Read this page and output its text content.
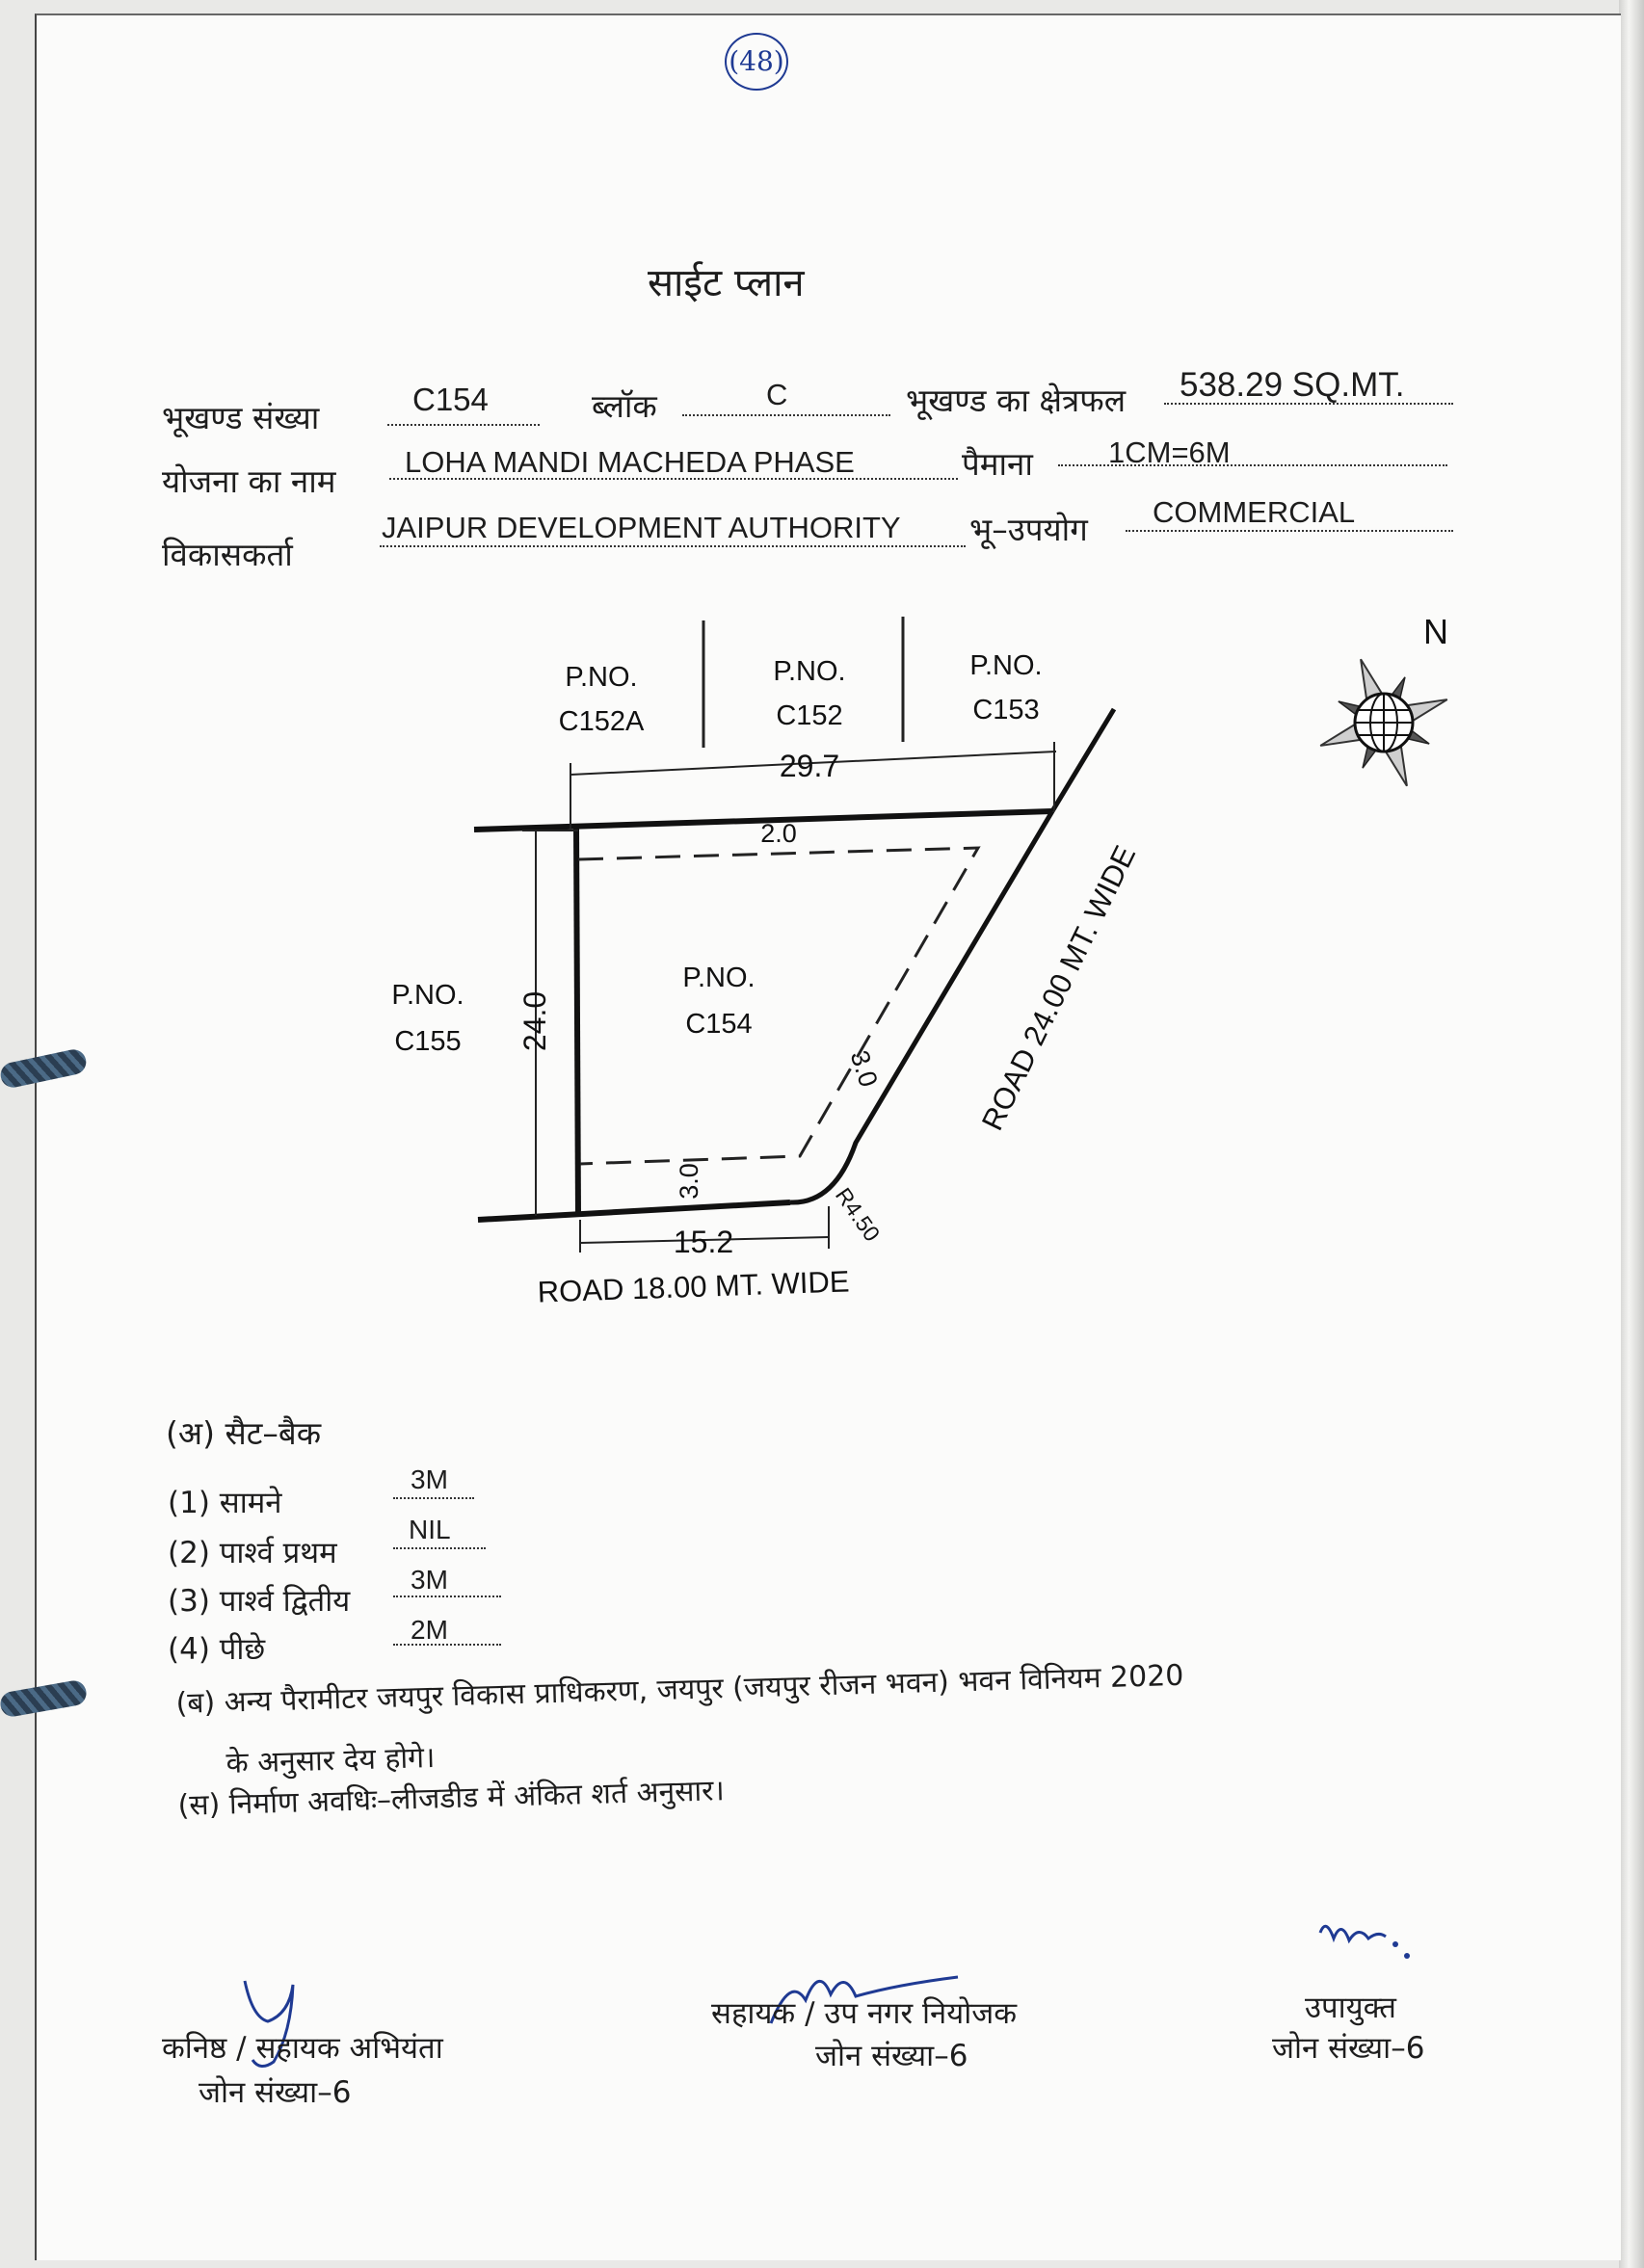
(48)
साईट प्लान
भूखण्ड संख्या	C154	ब्लॉक	C	भूखण्ड का क्षेत्रफल 538.29 SQ.MT.
योजना का नाम
LOHA MANDI MACHEDA PHASE	पैमाना	1CM=6M
विकासकर्ता
JAIPUR DEVELOPMENT AUTHORITY भू–उपयोग COMMERCIAL
29.7
2.0
24.0
3.0
3.0
15.2	R4.50
P.NO.
C152A
P.NO.
C152
P.NO.
C153
P.NO.
C155
P.NO.
C154
ROAD 18.00 MT. WIDE
ROAD 24.00 MT. WIDE
N
(अ) सैट–बैक
(1) सामने
3M
(2) पार्श्व प्रथम
NIL
(3) पार्श्व द्वितीय
3M
(4) पीछे
2M
(ब) अन्य पैरामीटर जयपुर विकास प्राधिकरण, जयपुर (जयपुर रीजन भवन) भवन विनियम 2020
के अनुसार देय होगे।
(स) निर्माण अवधिः–लीजडीड में अंकित शर्त अनुसार।
कनिष्ठ / सहायक अभियंता
जोन संख्या–6
सहायक / उप नगर नियोजक
जोन संख्या–6
उपायुक्त
जोन संख्या–6
